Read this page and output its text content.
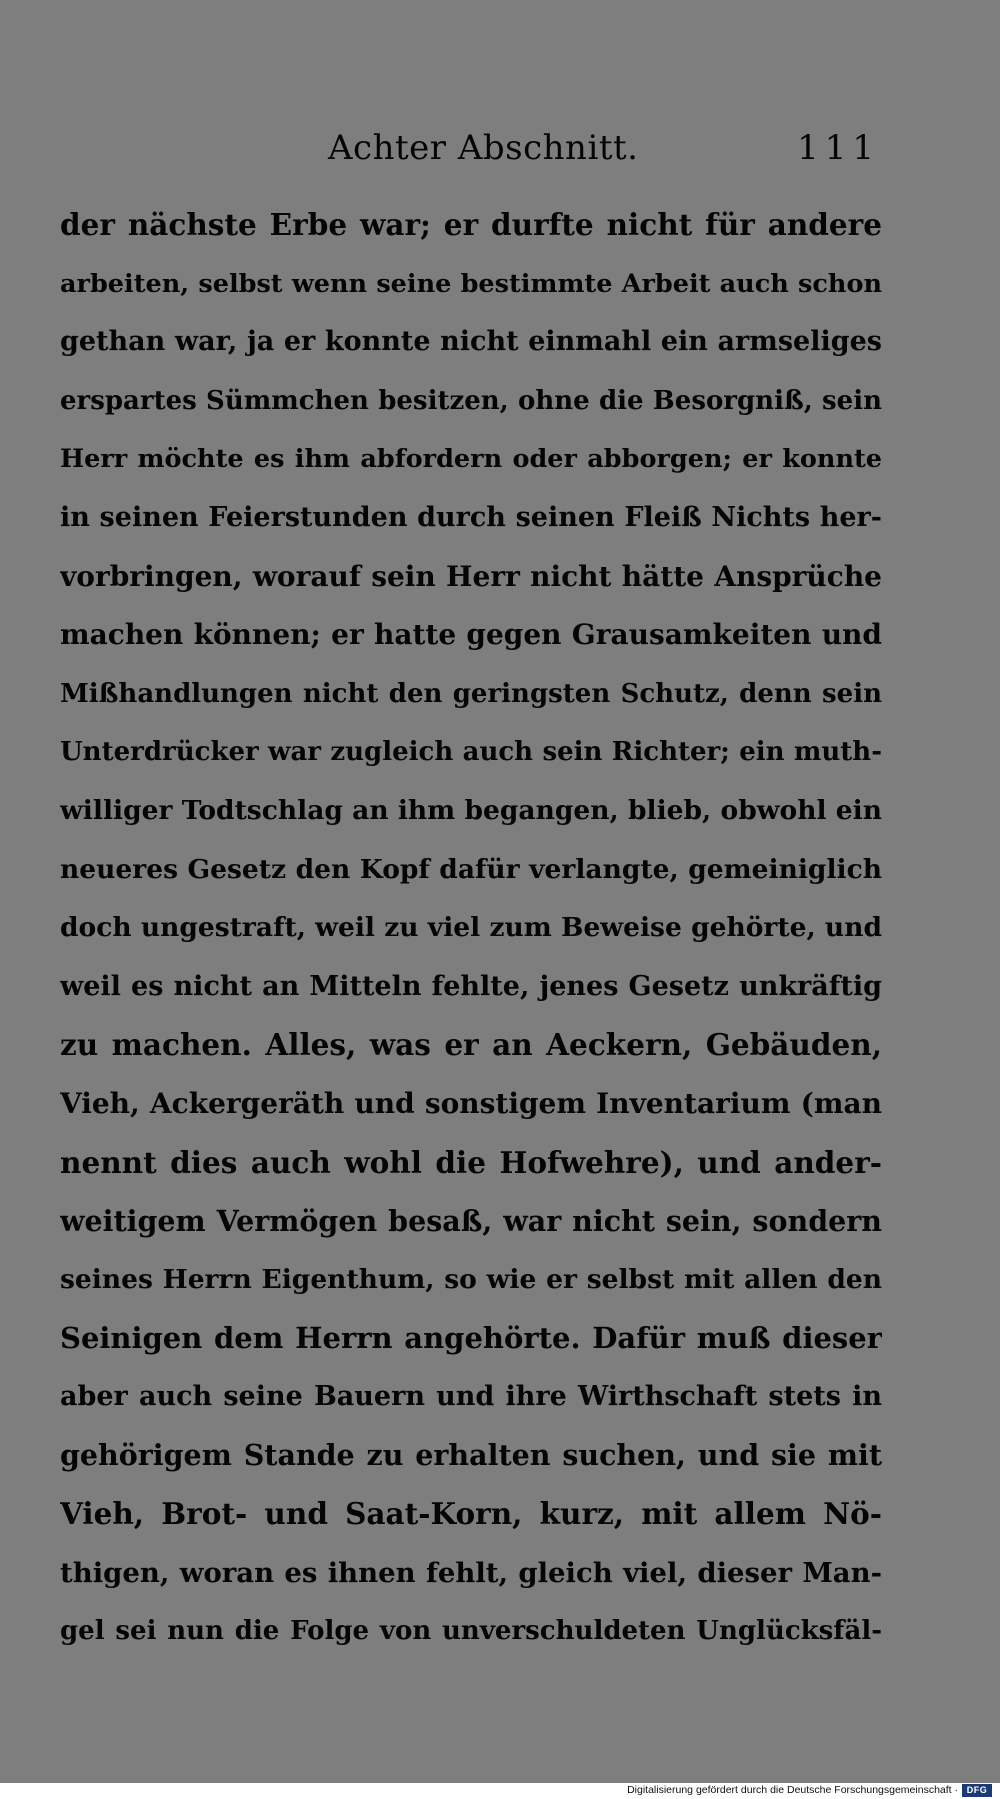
Achter Abschnitt.	111
der nächste Erbe war; er durfte nicht für andere
arbeiten, selbst wenn seine bestimmte Arbeit auch schon
gethan war, ja er konnte nicht einmahl ein armseliges
erspartes Sümmchen besitzen, ohne die Besorgniß, sein
Herr möchte es ihm abfordern oder abborgen; er konnte
in seinen Feierstunden durch seinen Fleiß Nichts her-
vorbringen, worauf sein Herr nicht hätte Ansprüche
machen können; er hatte gegen Grausamkeiten und
Mißhandlungen nicht den geringsten Schutz, denn sein
Unterdrücker war zugleich auch sein Richter; ein muth-
williger Todtschlag an ihm begangen, blieb, obwohl ein
neueres Gesetz den Kopf dafür verlangte, gemeiniglich
doch ungestraft, weil zu viel zum Beweise gehörte, und
weil es nicht an Mitteln fehlte, jenes Gesetz unkräftig
zu machen. Alles, was er an Aeckern, Gebäuden,
Vieh, Ackergeräth und sonstigem Inventarium (man
nennt dies auch wohl die Hofwehre), und ander-
weitigem Vermögen besaß, war nicht sein, sondern
seines Herrn Eigenthum, so wie er selbst mit allen den
Seinigen dem Herrn angehörte. Dafür muß dieser
aber auch seine Bauern und ihre Wirthschaft stets in
gehörigem Stande zu erhalten suchen, und sie mit
Vieh, Brot- und Saat-Korn, kurz, mit allem Nö-
thigen, woran es ihnen fehlt, gleich viel, dieser Man-
gel sei nun die Folge von unverschuldeten Unglücksfäl-
Digitalisierung gefördert durch die Deutsche Forschungsgemeinschaft · DFG
